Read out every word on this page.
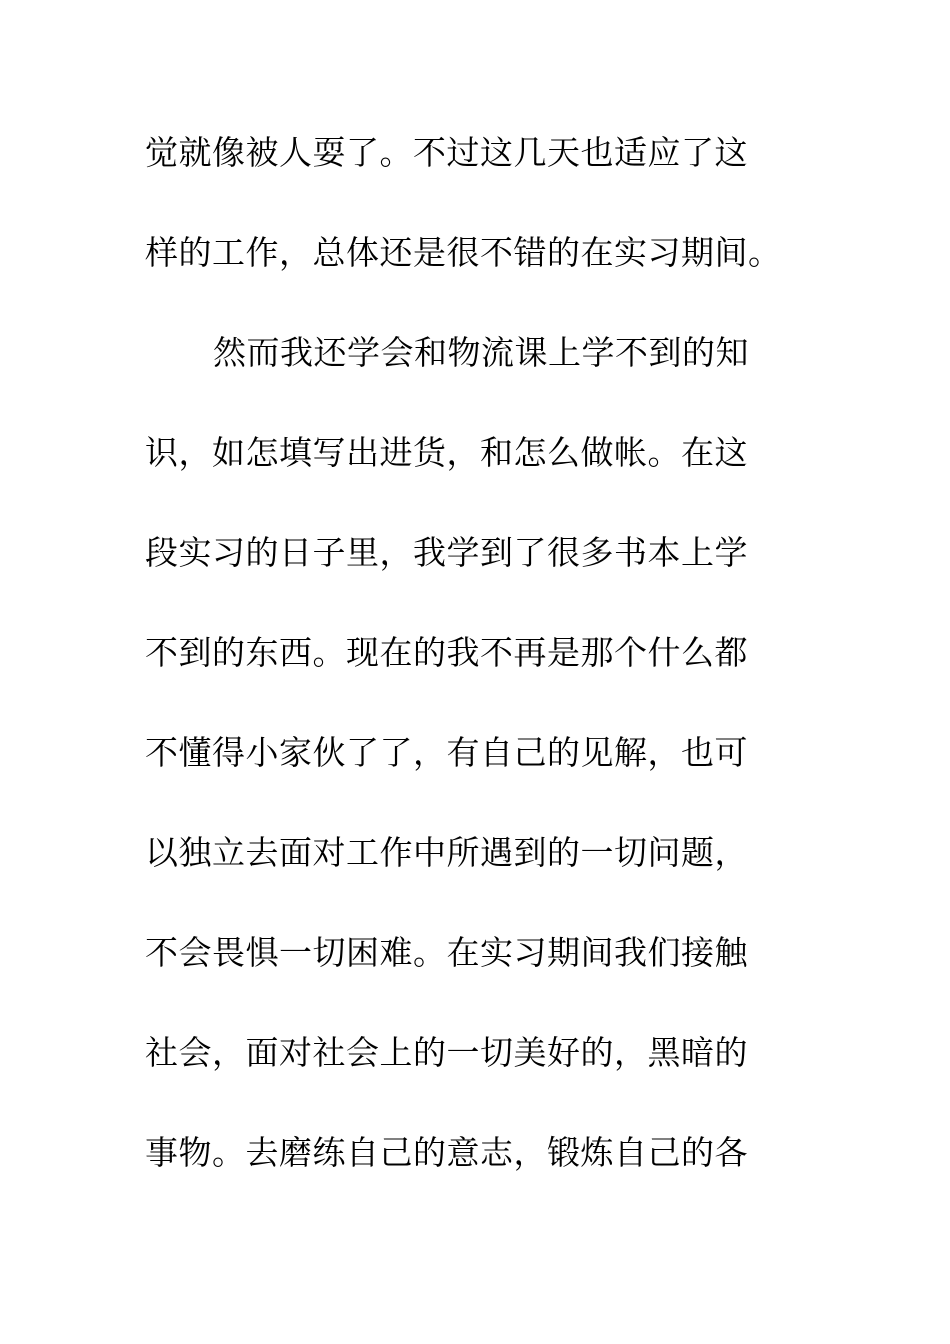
觉就像被人耍了。不过这几天也适应了这
样的工作，总体还是很不错的在实习期间。
然而我还学会和物流课上学不到的知
识，如怎填写出进货，和怎么做帐。在这
段实习的日子里，我学到了很多书本上学
不到的东西。现在的我不再是那个什么都
不懂得小家伙了了，有自己的见解，也可
以独立去面对工作中所遇到的一切问题，
不会畏惧一切困难。在实习期间我们接触
社会，面对社会上的一切美好的，黑暗的
事物。去磨练自己的意志，锻炼自己的各
